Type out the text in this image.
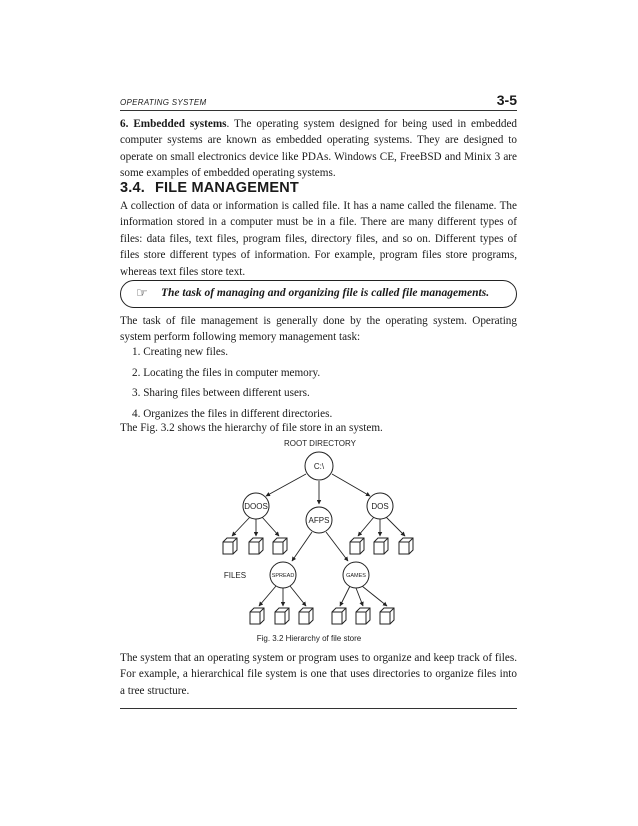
OPERATING SYSTEM	3-5

6. Embedded systems. The operating system designed for being used in embedded computer systems are known as embedded operating systems. They are designed to operate on small electronics device like PDAs. Windows CE, FreeBSD and Minix 3 are some examples of embedded operating systems.

3.4. FILE MANAGEMENT

A collection of data or information is called file. It has a name called the filename. The information stored in a computer must be in a file. There are many different types of files: data files, text files, program files, directory files, and so on. Different types of files store different types of information. For example, program files store programs, whereas text files store text.

☞ The task of managing and organizing file is called file managements.

The task of file management is generally done by the operating system. Operating system perform following memory management task:

1. Creating new files.
2. Locating the files in computer memory.
3. Sharing files between different users.
4. Organizes the files in different directories.

The Fig. 3.2 shows the hierarchy of file store in an system.

ROOT DIRECTORY
C:\
DOOS
AFPS
DOS
FILES	SPREAD	GAMES
Fig. 3.2 Hierarchy of file store

The system that an operating system or program uses to organize and keep track of files. For example, a hierarchical file system is one that uses directories to organize files into a tree structure.
